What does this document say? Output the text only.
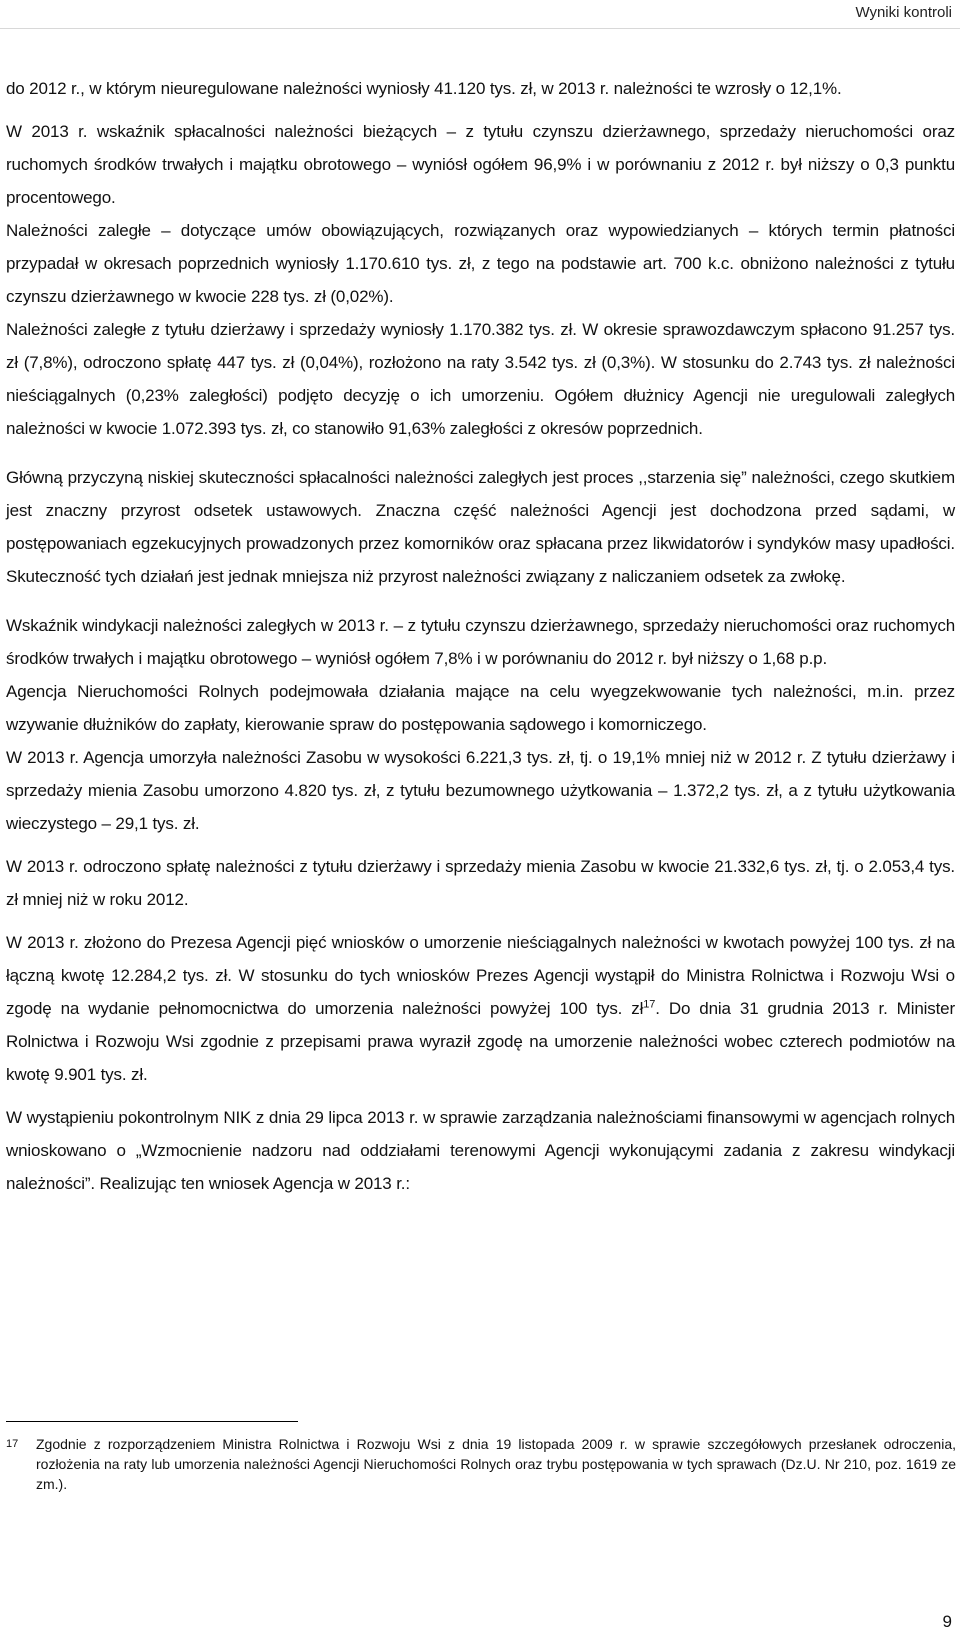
Wyniki kontroli

do 2012 r., w którym nieuregulowane należności wyniosły 41.120 tys. zł, w 2013 r. należności te wzrosły o 12,1%.

W 2013 r. wskaźnik spłacalności należności bieżących – z tytułu czynszu dzierżawnego, sprzedaży nieruchomości oraz ruchomych środków trwałych i majątku obrotowego – wyniósł ogółem 96,9% i w porównaniu z 2012 r. był niższy o 0,3 punktu procentowego.

Należności zaległe – dotyczące umów obowiązujących, rozwiązanych oraz wypowiedzianych – których termin płatności przypadał w okresach poprzednich wyniosły 1.170.610 tys. zł, z tego na podstawie art. 700 k.c. obniżono należności z tytułu czynszu dzierżawnego w kwocie 228 tys. zł (0,02%).

Należności zaległe z tytułu dzierżawy i sprzedaży wyniosły 1.170.382 tys. zł. W okresie sprawozdawczym spłacono 91.257 tys. zł (7,8%), odroczono spłatę 447 tys. zł (0,04%), rozłożono na raty 3.542 tys. zł (0,3%). W stosunku do 2.743 tys. zł należności nieściągalnych (0,23% zaległości) podjęto decyzję o ich umorzeniu. Ogółem dłużnicy Agencji nie uregulowali zaległych należności w kwocie 1.072.393 tys. zł, co stanowiło 91,63% zaległości z okresów poprzednich.

Główną przyczyną niskiej skuteczności spłacalności należności zaległych jest proces ,,starzenia się” należności, czego skutkiem jest znaczny przyrost odsetek ustawowych. Znaczna część należności Agencji jest dochodzona przed sądami, w postępowaniach egzekucyjnych prowadzonych przez komorników oraz spłacana przez likwidatorów i syndyków masy upadłości. Skuteczność tych działań jest jednak mniejsza niż przyrost należności związany z naliczaniem odsetek za zwłokę.

Wskaźnik windykacji należności zaległych w 2013 r. – z tytułu czynszu dzierżawnego, sprzedaży nieruchomości oraz ruchomych środków trwałych i majątku obrotowego – wyniósł ogółem 7,8% i w porównaniu do 2012 r. był niższy o 1,68 p.p.

Agencja Nieruchomości Rolnych podejmowała działania mające na celu wyegzekwowanie tych należności, m.in. przez wzywanie dłużników do zapłaty, kierowanie spraw do postępowania sądowego i komorniczego.

W 2013 r. Agencja umorzyła należności Zasobu w wysokości 6.221,3 tys. zł, tj. o 19,1% mniej niż w 2012 r. Z tytułu dzierżawy i sprzedaży mienia Zasobu umorzono 4.820 tys. zł, z tytułu bezumownego użytkowania – 1.372,2 tys. zł, a z tytułu użytkowania wieczystego – 29,1 tys. zł.

W 2013 r. odroczono spłatę należności z tytułu dzierżawy i sprzedaży mienia Zasobu w kwocie 21.332,6 tys. zł, tj. o 2.053,4 tys. zł mniej niż w roku 2012.

W 2013 r. złożono do Prezesa Agencji pięć wniosków o umorzenie nieściągalnych należności w kwotach powyżej 100 tys. zł na łączną kwotę 12.284,2 tys. zł. W stosunku do tych wniosków Prezes Agencji wystąpił do Ministra Rolnictwa i Rozwoju Wsi o zgodę na wydanie pełnomocnictwa do umorzenia należności powyżej 100 tys. $zł^{17}$. Do dnia 31 grudnia 2013 r. Minister Rolnictwa i Rozwoju Wsi zgodnie z przepisami prawa wyraził zgodę na umorzenie należności wobec czterech podmiotów na kwotę 9.901 tys. zł.

W wystąpieniu pokontrolnym NIK z dnia 29 lipca 2013 r. w sprawie zarządzania należnościami finansowymi w agencjach rolnych wnioskowano o „Wzmocnienie nadzoru nad oddziałami terenowymi Agencji wykonującymi zadania z zakresu windykacji należności”. Realizując ten wniosek Agencja w 2013 r.:

17 Zgodnie z rozporządzeniem Ministra Rolnictwa i Rozwoju Wsi z dnia 19 listopada 2009 r. w sprawie szczegółowych przesłanek odroczenia, rozłożenia na raty lub umorzenia należności Agencji Nieruchomości Rolnych oraz trybu postępowania w tych sprawach (Dz.U. Nr 210, poz. 1619 ze zm.).
9
